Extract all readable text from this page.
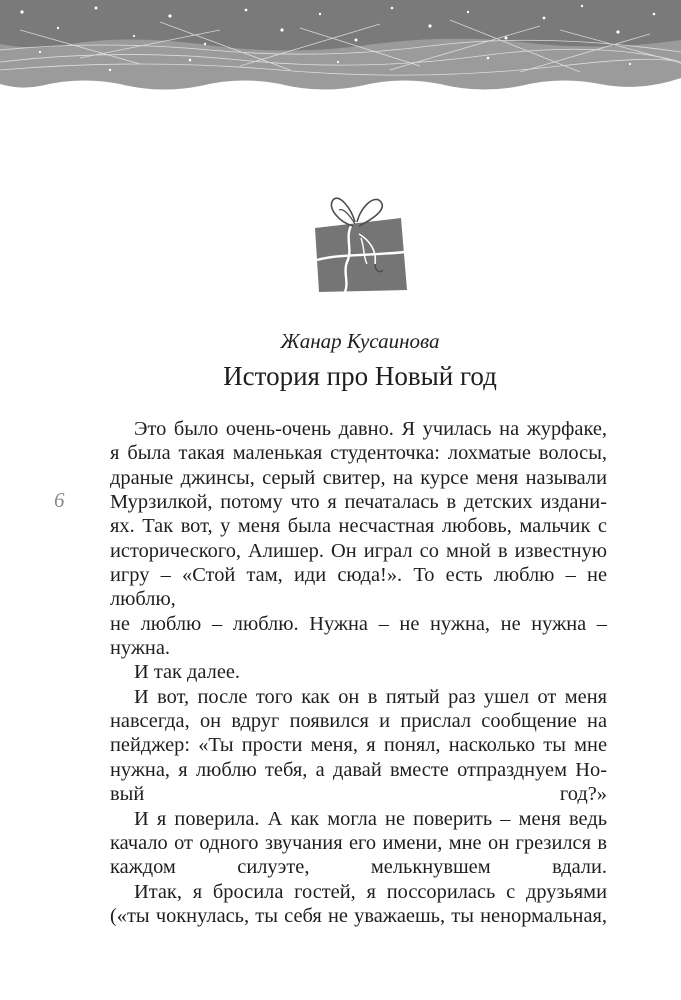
6
Жанар Кусаинова
История про Новый год

Это было очень-очень давно. Я училась на журфаке,
я была такая маленькая студенточка: лохматые волосы,
драные джинсы, серый свитер, на курсе меня называли
Мурзилкой, потому что я печаталась в детских издани-
ях. Так вот, у меня была несчастная любовь, мальчик с
исторического, Алишер. Он играл со мной в известную
игру – «Стой там, иди сюда!». То есть люблю – не люблю,
не люблю – люблю. Нужна – не нужна, не нужна – нужна.

И так далее.

И вот, после того как он в пятый раз ушел от меня
навсегда, он вдруг появился и прислал сообщение на
пейджер: «Ты прости меня, я понял, насколько ты мне
нужна, я люблю тебя, а давай вместе отпразднуем Но-
вый год?»

И я поверила. А как могла не поверить – меня ведь
качало от одного звучания его имени, мне он грезился в
каждом силуэте, мелькнувшем вдали.

Итак, я бросила гостей, я поссорилась с друзьями
(«ты чокнулась, ты себя не уважаешь, ты ненормальная,
